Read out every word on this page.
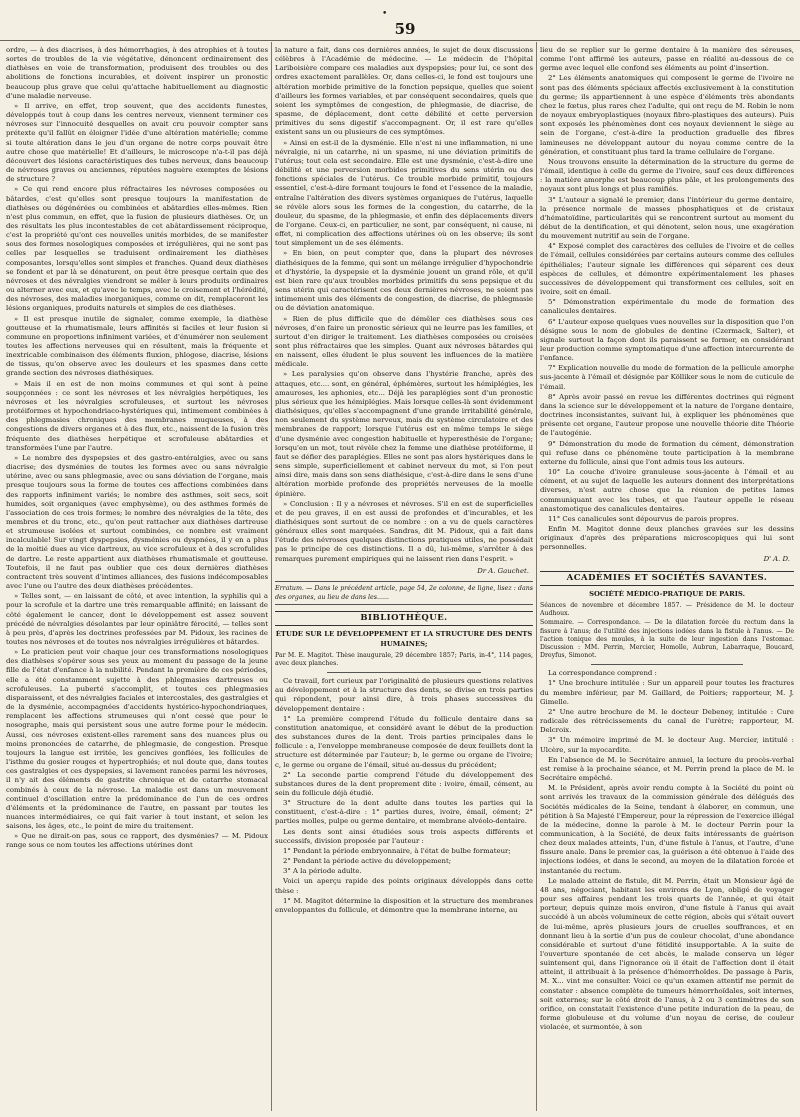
•
59

ordre, — à des diacrises, à des hémorrhagies, à des atrophies et à toutes sortes de troubles de la vie végétative, dénoncent ordinairement des diathèses en voie de transformation, produisent des troubles ou des abolitions de fonctions incurables, et doivent inspirer un pronostic beaucoup plus grave que celui qu'attache habituellement au diagnostic d'une maladie nerveuse.

» Il arrive, en effet, trop souvent, que des accidents funestes, développés tout à coup dans les centres nerveux, viennent terminer ces névroses sur l'innocuité desquelles on avait cru pouvoir compter sans prétexte qu'il fallût en éloigner l'idée d'une altération matérielle; comme si toute altération dans le jeu d'un organe de notre corps pouvait être autre chose que matérielle! Et d'ailleurs, le microscope n'a-t-il pas déjà découvert des lésions caractéristiques des tubes nerveux, dans beaucoup de névroses graves ou anciennes, réputées naguère exemptes de lésions de structure ?

» Ce qui rend encore plus réfractaires les névroses composées ou bâtardes, c'est qu'elles sont presque toujours la manifestation de diathèses ou dégénérées ou combinées et abâtardies elles-mêmes. Rien n'est plus commun, en effet, que la fusion de plusieurs diathèses. Or, un des résultats les plus incontestables de cet abâtardissement réciproque, c'est la propriété qu'ont ces nouvelles unités morbides, de se manifester sous des formes nosologiques composées et irrégulières, qui ne sont pas celles par lesquelles se traduisent ordinairement les diathèses composantes, lorsqu'elles sont simples et franches. Quand deux diathèses se fondent et par là se dénaturent, on peut être presque certain que des névroses et des névralgies viendront se mêler à leurs produits ordinaires ou alterner avec eux, et qu'avec le temps, avec le croisement et l'hérédité, des névroses, des maladies inorganiques, comme on dit, remplaceront les lésions organiques, produits naturels et simples de ces diathèses.

» Il est presque inutile de signaler, comme exemple, la diathèse goutteuse et la rhumatismale, leurs affinités si faciles et leur fusion si commune en proportions infiniment variées, et d'énumérer non seulement toutes les affections nerveuses qui en résultent, mais la fréquente et inextricable combinaison des éléments fluxion, phlogose, diacrise, lésions de tissus, qu'on observe avec les douleurs et les spasmes dans cette grande section des névroses diathésiques.

» Mais il en est de non moins communes et qui sont à peine soupçonnées : ce sont les névroses et les névralgies herpétiques, les névroses et les névralgies scrofuleuses, et surtout les névroses protéiformes et hypochondriaco-hystériques qui, intimement combinées à des phlegmasies chroniques des membranes muqueuses, à des congestions de divers organes et à des flux, etc., naissent de la fusion très fréquente des diathèses herpétique et scrofuleuse abâtardies et transformées l'une par l'autre.

» Le nombre des dyspepsies et des gastro-entéralgies, avec ou sans diacrise; des dysménies de toutes les formes avec ou sans névralgie utérine, avec ou sans phlegmasie, avec ou sans déviation de l'organe, mais presque toujours sous la forme de toutes ces affections combinées dans des rapports infiniment variés; le nombre des asthmes, soit secs, soit humides, soit organiques (avec emphysème), ou des asthmes formés de l'association de ces trois formes; le nombre des névralgies de la tête, des membres et du tronc, etc., qu'on peut rattacher aux diathèses dartreuse et strumeuse isolées et surtout combinées, ce nombre est vraiment incalculable! Sur vingt dyspepsies, dysménies ou dyspnées, il y en a plus de la moitié dues au vice dartreux, au vice scrofuleux et à des scrofulides de dartre. Le reste appartient aux diathèses rhumatismale et goutteuse. Toutefois, il ne faut pas oublier que ces deux dernières diathèses contractent très souvent d'intimes alliances, des fusions indécomposables avec l'une ou l'autre des deux diathèses précédentes.

» Telles sont, — en laissant de côté, et avec intention, la syphilis qui a pour la scrofule et la dartre une très remarquable affinité; en laissant de côté également le cancer, dont le développement est assez souvent précédé de névralgies désolantes par leur opiniâtre férocité, — telles sont à peu près, d'après les doctrines professées par M. Pidoux, les racines de toutes nos névroses et de toutes nos névralgies irrégulières et bâtardes.

» Le praticien peut voir chaque jour ces transformations nosologiques des diathèses s'opérer sous ses yeux au moment du passage de la jeune fille de l'état d'enfance à la nubilité. Pendant la première de ces périodes, elle a été constamment sujette à des phlegmasies dartreuses ou scrofuleuses. La puberté s'accomplit, et toutes ces phlegmasies disparaissent, et des névralgies faciales et intercostales, des gastralgies et de la dysménie, accompagnées d'accidents hystérico-hypochondriaques, remplacent les affections strumeuses qui n'ont cessé que pour le nosographe, mais qui persistent sous une autre forme pour le médecin. Aussi, ces névroses existent-elles rarement sans des nuances plus ou moins prononcées de catarrhe, de phlegmasie, de congestion. Presque toujours la langue est irritée, les gencives gonflées, les follicules de l'isthme du gosier rouges et hypertrophiés; et nul doute que, dans toutes ces gastralgies et ces dyspepsies, si lavement rancées parmi les névroses, il n'y ait des éléments de gastrite chronique et de catarrhe stomacal combinés à ceux de la névrose. La maladie est dans un mouvement continuel d'oscillation entre la prédominance de l'un de ces ordres d'éléments et la prédominance de l'autre, en passant par toutes les nuances intermédiaires, ce qui fait varier à tout instant, et selon les saisons, les âges, etc., le point de mire du traitement.

» Que ne dirait-on pas, sous ce rapport, des dysménies? — M. Pidoux range sous ce nom toutes les affections utérines dont

la nature a fait, dans ces dernières années, le sujet de deux discussions célèbres à l'Académie de médecine. — Le médecin de l'hôpital Lariboisière compare ces maladies aux dyspepsies; pour lui, ce sont des ordres exactement parallèles. Or, dans celles-ci, le fond est toujours une altération morbide primitive de la fonction pepsique, quelles que soient d'ailleurs les formes variables, et par conséquent secondaires, quels que soient les symptômes de congestion, de phlegmasie, de diacrise, de spasme, de déplacement, dont cette débilité et cette perversion primitives du sens digestif s'accompagnent. Or, il est rare qu'elles existent sans un ou plusieurs de ces symptômes.

» Ainsi en est-il de la dysménie. Elle n'est ni une inflammation, ni une névralgie, ni un catarrhe, ni un spasme, ni une déviation primitifs de l'utérus; tout cela est secondaire. Elle est une dysménie, c'est-à-dire une débilité et une perversion morbides primitives du sens utérin ou des fonctions spéciales de l'utérus. Ce trouble morbide primitif, toujours essentiel, c'est-à-dire formant toujours le fond et l'essence de la maladie, entraîne l'altération des divers systèmes organiques de l'utérus, laquelle se révèle alors sous les formes de la congestion, du catarrhe, de la douleur, du spasme, de la phlegmasie, et enfin des déplacements divers de l'organe. Ceux-ci, en particulier, ne sont, par conséquent, ni cause, ni effet, ni complication des affections utérines où on les observe; ils sont tout simplement un de ses éléments.

» En bien, on peut compter que, dans la plupart des névroses diathésiques de la femme, qui sont un mélange irrégulier d'hypochondrie et d'hystérie, la dyspepsie et la dysménie jouent un grand rôle, et qu'il est bien rare qu'aux troubles morbides primitifs du sens pepsique et du sens utérin qui caractérisent ces deux dernières névroses, ne soient pas intimement unis des éléments de congestion, de diacrise, de phlegmasie ou de déviation anatomique.

» Rien de plus difficile que de démêler ces diathèses sous ces névroses, d'en faire un pronostic sérieux qui ne leurre pas les familles, et surtout d'en diriger le traitement. Les diathèses composées ou croisées sont plus réfractaires que les simples. Quant aux névroses bâtardes qui en naissent, elles éludent le plus souvent les influences de la matière médicale.

» Les paralysies qu'on observe dans l'hystérie franche, après des attaques, etc.... sont, en général, éphémères, surtout les hémiplégies, les amauroses, les aphonies, etc... Déjà les paraplégies sont d'un pronostic plus sérieux que les hémiplégies. Mais lorsque celles-là sont évidemment diathésiques, qu'elles s'accompagnent d'une grande irritabilité générale, non seulement du système nerveux, mais du système circulatoire et des membranes de rapport; lorsque l'utérus est en même temps le siège d'une dysménie avec congestion habituelle et hyperesthésie de l'organe; lorsqu'en un mot, tout révèle chez la femme une diathèse protéiforme, il faut se défier des paraplégies. Elles ne sont pas alors hystériques dans le sens simple, superficiellement et cabinet nerveux du mot, si l'on peut ainsi dire, mais dans son sens diathésique, c'est-à-dire dans le sens d'une altération morbide profonde des propriétés nerveuses de la moelle épinière.

» Conclusion : Il y a névroses et névroses. S'il en est de superficielles et de peu graves, il en est aussi de profondes et d'incurables, et les diathésiques sont surtout de ce nombre : on a vu de quels caractères généraux elles sont marquées. Sandras, dit M. Pidoux, qui a fait dans l'étude des névroses quelques distinctions pratiques utiles, ne possédait pas le principe de ces distinctions. Il a dû, lui-même, s'arrêter à des remarques purement empiriques qui ne laissent rien dans l'esprit. »

Dr A. Gauchet.

Erratum. — Dans le précédent article, page 54, 2e colonne, 4e ligne, lisez : dans des organes, au lieu de dans les......

BIBLIOTHÈQUE.
ÉTUDE SUR LE DÉVELOPPEMENT ET LA STRUCTURE DES DENTS HUMAINES;

Par M. E. Magitot. Thèse inaugurale, 29 décembre 1857; Paris, in-4°, 114 pages, avec deux planches.

Ce travail, fort curieux par l'originalité de plusieurs questions relatives au développement et à la structure des dents, se divise en trois parties qui répondent, pour ainsi dire, à trois phases successives du développement dentaire :

1° La première comprend l'étude du follicule dentaire dans sa constitution anatomique, et considéré avant le début de la production des substances dures de la dent. Trois parties principales dans le follicule : a, l'enveloppe membraneuse composée de deux feuillets dont la structure est déterminée par l'auteur; b, le germe ou organe de l'ivoire; c, le germe ou organe de l'émail, situé au-dessus du précédent;

2° La seconde partie comprend l'étude du développement des substances dures de la dent proprement dite : ivoire, émail, cément, au sein du follicule déjà étudié.

3° Structure de la dent adulte dans toutes les parties qui la constituent, c'est-à-dire : 1° parties dures, ivoire, émail, cément; 2° parties molles, pulpe ou germe dentaire, et membrane alvéolo-dentaire.

Les dents sont ainsi étudiées sous trois aspects différents et successifs, division proposée par l'auteur :

1° Pendant la période embryonnaire, à l'état de bulbe formateur;

2° Pendant la période active du développement;

3° A la période adulte.

Voici un aperçu rapide des points originaux développés dans cette thèse :

1° M. Magitot détermine la disposition et la structure des membranes enveloppantes du follicule, et démontre que la membrane interne, au

lieu de se replier sur le germe dentaire à la manière des séreuses, comme l'ont affirmé les auteurs, passe en réalité au-dessous de ce germe avec lequel elle confond ses éléments au point d'insertion.

2° Les éléments anatomiques qui composent le germe de l'ivoire ne sont pas des éléments spéciaux affectés exclusivement à la constitution du germe; ils appartiennent à une espèce d'éléments très abondants chez le fœtus, plus rares chez l'adulte, qui ont reçu de M. Robin le nom de noyaux embryoplastiques (noyaux fibro-plastiques des auteurs). Puis sont exposés les phénomènes dont ces noyaux deviennent le siège au sein de l'organe, c'est-à-dire la production graduelle des fibres lamineuses ne développant autour du noyau comme centre de la génération, et constituant plus tard la trame cellulaire de l'organe.

Nous trouvons ensuite la détermination de la structure du germe de l'émail, identique à celle du germe de l'ivoire, sauf ces deux différences : la matière amorphe est beaucoup plus pâle, et les prolongements des noyaux sont plus longs et plus ramifiés.

3° L'auteur a signalé le premier, dans l'intérieur du germe dentaire, la présence normale de masses phosphatiques et de cristaux d'hématoïdine, particularités qui se rencontrent surtout au moment du début de la dentification, et qui dénotent, selon nous, une exagération du mouvement nutritif au sein de l'organe.

4° Exposé complet des caractères des cellules de l'ivoire et de celles de l'émail, cellules considérées par certains auteurs comme des cellules épithéliales; l'auteur signale les différences qui séparent ces deux espèces de cellules, et démontre expérimentalement les phases successives de développement qui transforment ces cellules, soit en ivoire, soit en émail.

5° Démonstration expérimentale du mode de formation des canalicules dentaires.

6° L'auteur expose quelques vues nouvelles sur la disposition que l'on désigne sous le nom de globules de dentine (Czermack, Salter), et signale surtout la façon dont ils paraissent se former, en considérant leur production comme symptomatique d'une affection intercurrente de l'enfance.

7° Explication nouvelle du mode de formation de la pellicule amorphe sus-jacente à l'émail et désignée par Kölliker sous le nom de cuticule de l'émail.

8° Après avoir passé en revue les différentes doctrines qui régnent dans la science sur le développement et la nature de l'organe dentaire, doctrines inconsistantes, suivant lui, à expliquer les phénomènes que présente cet organe, l'auteur propose une nouvelle théorie dite Théorie de l'autogénie.

9° Démonstration du mode de formation du cément, démonstration qui refuse dans ce phénomène toute participation à la membrane externe du follicule, ainsi que l'ont admis tous les auteurs.

10° La couche d'ivoire granuleuse sous-jacente à l'émail et au cément, et au sujet de laquelle les auteurs donnent des interprétations diverses, n'est autre chose que la réunion de petites lames communiquant avec les tubes, et que l'auteur appelle le réseau anastomotique des canalicules dentaires.

11° Ces canalicules sont dépourvus de parois propres.

Enfin M. Magitot donne deux planches gravées sur les dessins originaux d'après des préparations microscopiques qui lui sont personnelles.

D' A. D.
ACADÉMIES ET SOCIÉTÉS SAVANTES.
SOCIÉTÉ MÉDICO-PRATIQUE DE PARIS.

Séances de novembre et décembre 1857. — Présidence de M. le docteur Audhoux.

Sommaire. — Correspondance. — De la dilatation forcée du rectum dans la fissure à l'anus; de l'utilité des injections iodées dans la fistule à l'anus. — De l'action tonique des moules, à la suite de leur ingestion dans l'estomac. Discussion : MM. Perrin, Mercier, Homolle, Aubrun, Labarraque, Boucard, Dreyfus, Simonot.

La correspondance comprend :

1° Une brochure intitulée : Sur un appareil pour toutes les fractures du membre inférieur, par M. Gaillard, de Poitiers; rapporteur, M. J. Gimelle.

2° Une autre brochure de M. le docteur Debeney, intitulée : Cure radicale des rétrécissements du canal de l'urètre; rapporteur, M. Delcroix.

3° Un mémoire imprimé de M. le docteur Aug. Mercier, intitulé : Ulcère, sur la myocardite.

En l'absence de M. le Secrétaire annuel, la lecture du procès-verbal est remise à la prochaine séance, et M. Perrin prend la place de M. le Secrétaire empêché.

M. le Président, après avoir rendu compte à la Société du point où sont arrivés les travaux de la commission générale des délégués des Sociétés médicales de la Seine, tendant à élaborer, en commun, une pétition à Sa Majesté l'Empereur, pour la répression de l'exercice illégal de la médecine, donne la parole à M. le docteur Perrin pour la communication, à la Société, de deux faits intéressants de guérison chez deux malades atteints, l'un, d'une fistule à l'anus, et l'autre, d'une fissure anale. Dans le premier cas, la guérison a été obtenue à l'aide des injections iodées, et dans le second, au moyen de la dilatation forcée et instantanée du rectum.

Le malade atteint de fistule, dit M. Perrin, était un Monsieur âgé de 48 ans, négociant, habitant les environs de Lyon, obligé de voyager pour ses affaires pendant les trois quarts de l'année, et qui était porteur, depuis quinze mois environ, d'une fistule à l'anus qui avait succédé à un abcès volumineux de cette région, abcès qui s'était ouvert de lui-même, après plusieurs jours de cruelles souffrances, et en donnant lieu à la sortie d'un pus de couleur chocolat, d'une abondance considérable et surtout d'une fétidité insupportable. A la suite de l'ouverture spontanée de cet abcès, le malade conserva un léger suintement qui, dans l'ignorance où il était de l'affection dont il était atteint, il attribuait à la présence d'hémorrhoïdes. De passage à Paris, M. X... vint me consulter. Voici ce qu'un examen attentif me permit de constater : absence complète de tumeurs hémorrhoïdales, soit internes, soit externes; sur le côté droit de l'anus, à 2 ou 3 centimètres de son orifice, on constatait l'existence d'une petite induration de la peau, de forme globuleuse et du volume d'un noyau de cerise, de couleur violacée, et surmontée, à son
